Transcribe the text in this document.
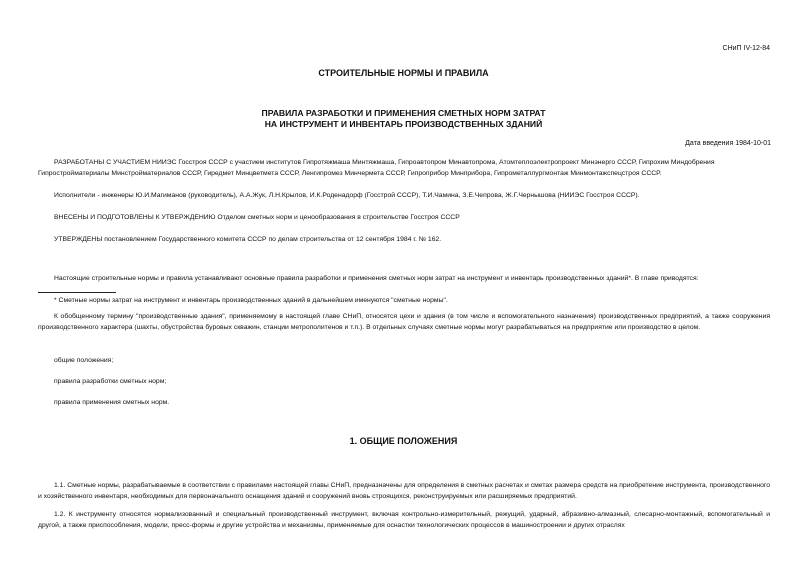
СНиП IV-12-84
СТРОИТЕЛЬНЫЕ НОРМЫ И ПРАВИЛА
ПРАВИЛА РАЗРАБОТКИ И ПРИМЕНЕНИЯ СМЕТНЫХ НОРМ ЗАТРАТ
НА ИНСТРУМЕНТ И ИНВЕНТАРЬ ПРОИЗВОДСТВЕННЫХ ЗДАНИЙ
Дата введения 1984-10-01
РАЗРАБОТАНЫ С УЧАСТИЕМ НИИЭС Госстроя СССР с участием институтов Гипротяжмаша Минтяжмаша, Гипроавтопром Минавтопрома, Атомтеплоэлектропроект Минэнерго СССР, Гипрохим Миндобрения
Гипростройматериалы Минстройматериалов СССР, Гиредмет Минцветмета СССР, Ленгипромез Минчермета СССР, Гипроприбор Минприбора, Гипрометаллургмонтаж Минмонтажспецстроя СССР.
Исполнители - инженеры Ю.И.Магиманов (руководитель), А.А.Жук, Л.Н.Крылов, И.К.Роденадорф (Госстрой СССР), Т.И.Чамина, З.Е.Чепрова, Ж.Г.Чернышова (НИИЭС Госстроя СССР).
ВНЕСЕНЫ И ПОДГОТОВЛЕНЫ К УТВЕРЖДЕНИЮ Отделом сметных норм и ценообразования в строительстве Госстроя СССР
УТВЕРЖДЕНЫ постановлением Государственного комитета СССР по делам строительства от 12 сентября 1984 г. № 162.
Настоящие строительные нормы и правила устанавливают основные правила разработки и применения сметных норм затрат на инструмент и инвентарь производственных зданий*. В главе приводятся:
* Сметные нормы затрат на инструмент и инвентарь производственных зданий в дальнейшем именуются "сметные нормы".
К обобщенному термину "производственные здания", применяемому в настоящей главе СНиП, относятся цехи и здания (в том числе и вспомогательного назначения) производственных предприятий, а также сооружения производственного характера (шахты, обустройства буровых скважин, станции метрополитенов и т.п.). В отдельных случаях сметные нормы могут разрабатываться на предприятие или производство в целом.
общие положения;
правила разработки сметных норм;
правила применения сметных норм.
1. ОБЩИЕ ПОЛОЖЕНИЯ
1.1. Сметные нормы, разрабатываемые в соответствии с правилами настоящей главы СНиП, предназначены для определения в сметных расчетах и сметах размера средств на приобретение инструмента, производственного и хозяйственного инвентаря, необходимых для первоначального оснащения зданий и сооружений вновь строящихся, реконструируемых или расширяемых предприятий.
1.2. К инструменту относятся нормализованный и специальный производственный инструмент, включая контрольно-измерительный, режущий, ударный, абразивно-алмазный, слесарно-монтажный, вспомогательный и другой, а также приспособления, модели, пресс-формы и другие устройства и механизмы, применяемые для оснастки технологических процессов в машиностроении и других отраслях
